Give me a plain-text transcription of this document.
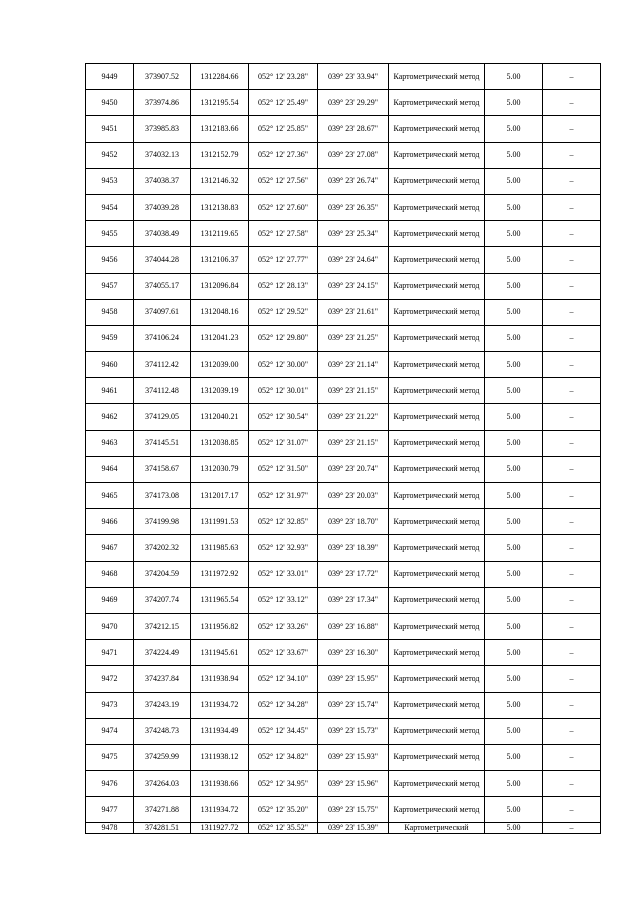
9449	373907.52	1312284.66	052° 12' 23.28"	039° 23' 33.94"	Картометрический метод	5.00	–
9450	373974.86	1312195.54	052° 12' 25.49"	039° 23' 29.29"	Картометрический метод	5.00	–
9451	373985.83	1312183.66	052° 12' 25.85"	039° 23' 28.67"	Картометрический метод	5.00	–
9452	374032.13	1312152.79	052° 12' 27.36"	039° 23' 27.08"	Картометрический метод	5.00	–
9453	374038.37	1312146.32	052° 12' 27.56"	039° 23' 26.74"	Картометрический метод	5.00	–
9454	374039.28	1312138.83	052° 12' 27.60"	039° 23' 26.35"	Картометрический метод	5.00	–
9455	374038.49	1312119.65	052° 12' 27.58"	039° 23' 25.34"	Картометрический метод	5.00	–
9456	374044.28	1312106.37	052° 12' 27.77"	039° 23' 24.64"	Картометрический метод	5.00	–
9457	374055.17	1312096.84	052° 12' 28.13"	039° 23' 24.15"	Картометрический метод	5.00	–
9458	374097.61	1312048.16	052° 12' 29.52"	039° 23' 21.61"	Картометрический метод	5.00	–
9459	374106.24	1312041.23	052° 12' 29.80"	039° 23' 21.25"	Картометрический метод	5.00	–
9460	374112.42	1312039.00	052° 12' 30.00"	039° 23' 21.14"	Картометрический метод	5.00	–
9461	374112.48	1312039.19	052° 12' 30.01"	039° 23' 21.15"	Картометрический метод	5.00	–
9462	374129.05	1312040.21	052° 12' 30.54"	039° 23' 21.22"	Картометрический метод	5.00	–
9463	374145.51	1312038.85	052° 12' 31.07"	039° 23' 21.15"	Картометрический метод	5.00	–
9464	374158.67	1312030.79	052° 12' 31.50"	039° 23' 20.74"	Картометрический метод	5.00	–
9465	374173.08	1312017.17	052° 12' 31.97"	039° 23' 20.03"	Картометрический метод	5.00	–
9466	374199.98	1311991.53	052° 12' 32.85"	039° 23' 18.70"	Картометрический метод	5.00	–
9467	374202.32	1311985.63	052° 12' 32.93"	039° 23' 18.39"	Картометрический метод	5.00	–
9468	374204.59	1311972.92	052° 12' 33.01"	039° 23' 17.72"	Картометрический метод	5.00	–
9469	374207.74	1311965.54	052° 12' 33.12"	039° 23' 17.34"	Картометрический метод	5.00	–
9470	374212.15	1311956.82	052° 12' 33.26"	039° 23' 16.88"	Картометрический метод	5.00	–
9471	374224.49	1311945.61	052° 12' 33.67"	039° 23' 16.30"	Картометрический метод	5.00	–
9472	374237.84	1311938.94	052° 12' 34.10"	039° 23' 15.95"	Картометрический метод	5.00	–
9473	374243.19	1311934.72	052° 12' 34.28"	039° 23' 15.74"	Картометрический метод	5.00	–
9474	374248.73	1311934.49	052° 12' 34.45"	039° 23' 15.73"	Картометрический метод	5.00	–
9475	374259.99	1311938.12	052° 12' 34.82"	039° 23' 15.93"	Картометрический метод	5.00	–
9476	374264.03	1311938.66	052° 12' 34.95"	039° 23' 15.96"	Картометрический метод	5.00	–
9477	374271.88	1311934.72	052° 12' 35.20"	039° 23' 15.75"	Картометрический метод	5.00	–
9478	374281.51	1311927.72	052° 12' 35.52"	039° 23' 15.39"	Картометрический	5.00	–
